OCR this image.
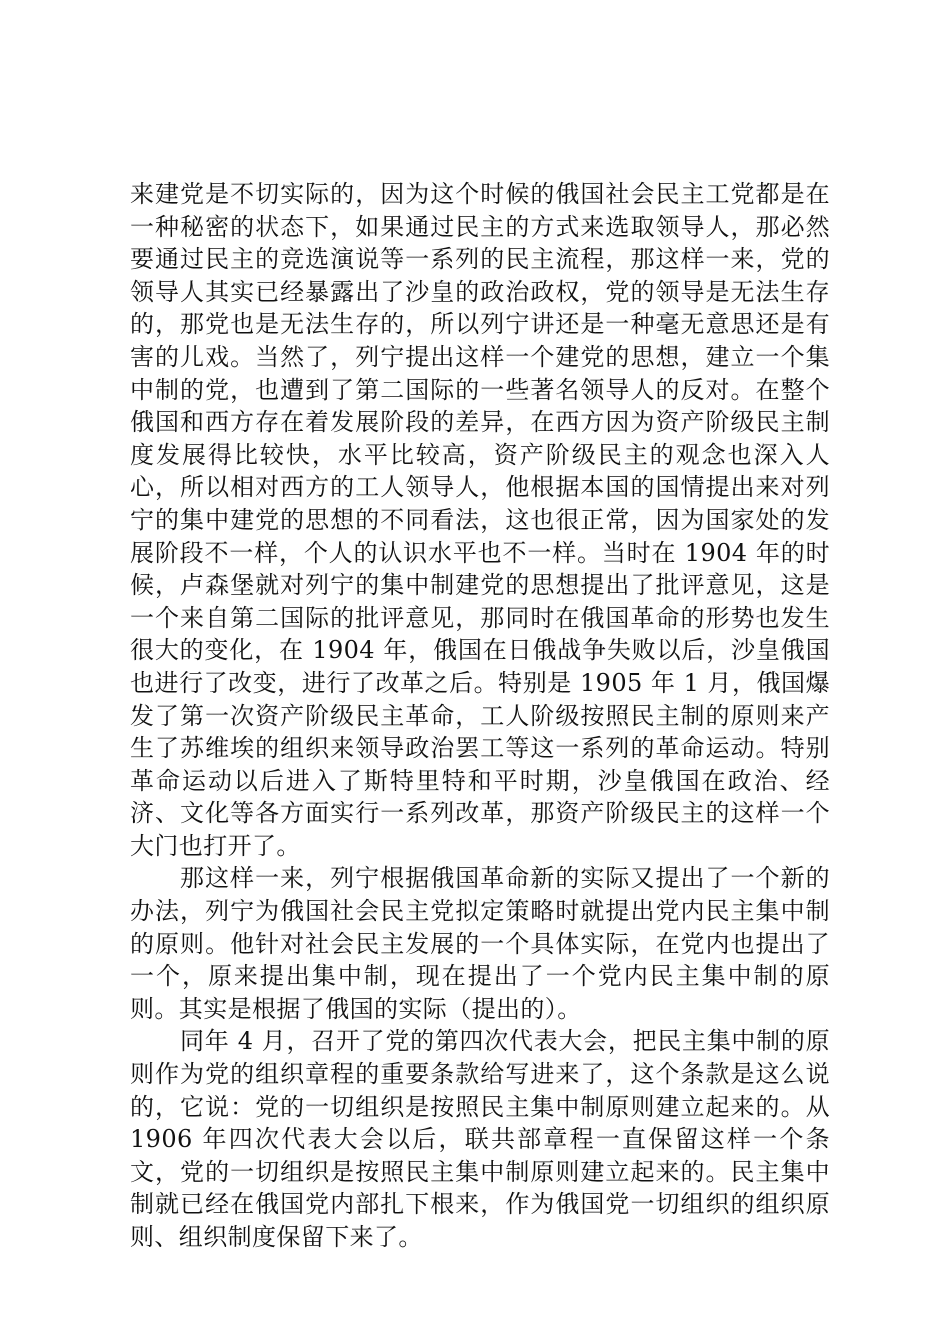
来建党是不切实际的，因为这个时候的俄国社会民主工党都是在一种秘密的状态下，如果通过民主的方式来选取领导人，那必然要通过民主的竞选演说等一系列的民主流程，那这样一来，党的领导人其实已经暴露出了沙皇的政治政权，党的领导是无法生存的，那党也是无法生存的，所以列宁讲还是一种毫无意思还是有害的儿戏。当然了，列宁提出这样一个建党的思想，建立一个集中制的党，也遭到了第二国际的一些著名领导人的反对。在整个俄国和西方存在着发展阶段的差异，在西方因为资产阶级民主制度发展得比较快，水平比较高，资产阶级民主的观念也深入人心，所以相对西方的工人领导人，他根据本国的国情提出来对列宁的集中建党的思想的不同看法，这也很正常，因为国家处的发展阶段不一样，个人的认识水平也不一样。当时在 1904 年的时候，卢森堡就对列宁的集中制建党的思想提出了批评意见，这是一个来自第二国际的批评意见，那同时在俄国革命的形势也发生很大的变化，在 1904 年，俄国在日俄战争失败以后，沙皇俄国也进行了改变，进行了改革之后。特别是 1905 年 1 月，俄国爆发了第一次资产阶级民主革命，工人阶级按照民主制的原则来产生了苏维埃的组织来领导政治罢工等这一系列的革命运动。特别革命运动以后进入了斯特里特和平时期，沙皇俄国在政治、经济、文化等各方面实行一系列改革，那资产阶级民主的这样一个大门也打开了。

那这样一来，列宁根据俄国革命新的实际又提出了一个新的办法，列宁为俄国社会民主党拟定策略时就提出党内民主集中制的原则。他针对社会民主发展的一个具体实际，在党内也提出了一个，原来提出集中制，现在提出了一个党内民主集中制的原则。其实是根据了俄国的实际（提出的）。

同年 4 月，召开了党的第四次代表大会，把民主集中制的原则作为党的组织章程的重要条款给写进来了，这个条款是这么说的，它说：党的一切组织是按照民主集中制原则建立起来的。从 1906 年四次代表大会以后，联共部章程一直保留这样一个条文，党的一切组织是按照民主集中制原则建立起来的。民主集中制就已经在俄国党内部扎下根来，作为俄国党一切组织的组织原则、组织制度保留下来了。
